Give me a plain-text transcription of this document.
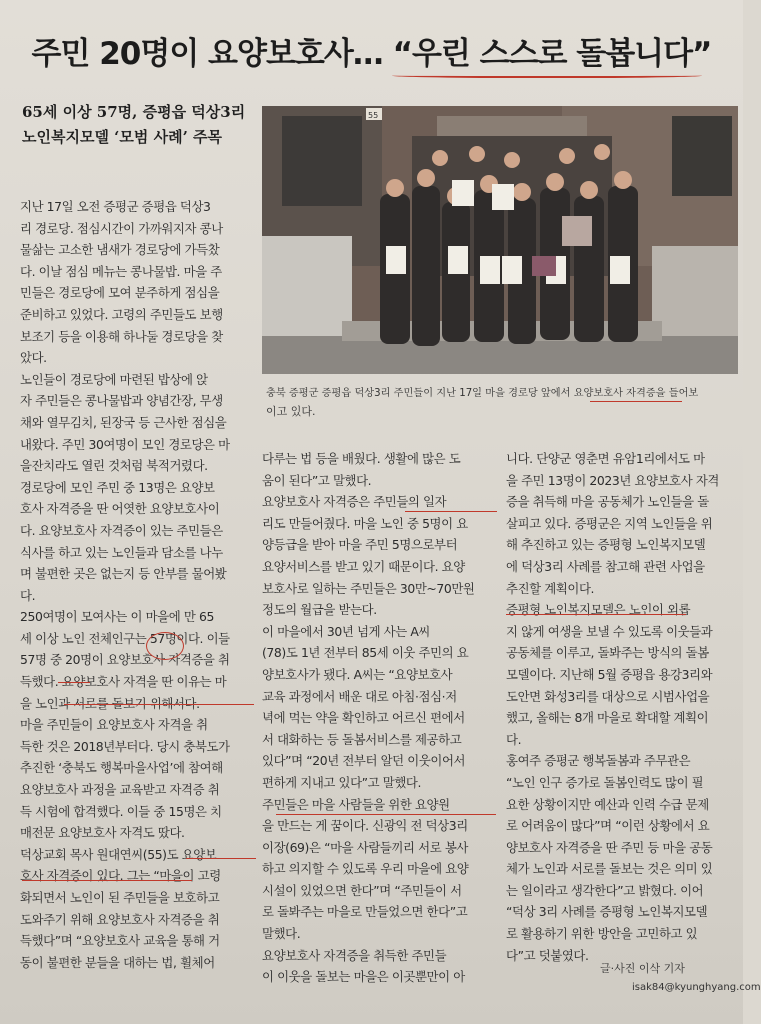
주민 20명이 요양보호사… “우린 스스로 돌봅니다”
65세 이상 57명, 증평읍 덕상3리
노인복지모델 ‘모범 사례’ 주목
55
충북 증평군 증평읍 덕상3리 주민들이 지난 17일 마을 경로당 앞에서 요양보호사 자격증을 들어보
이고 있다.
지난 17일 오전 증평군 증평읍 덕상3
리 경로당. 점심시간이 가까워지자 콩나
물삶는 고소한 냄새가 경로당에 가득찼
다. 이날 점심 메뉴는 콩나물밥. 마을 주
민들은 경로당에 모여 분주하게 점심을
준비하고 있었다. 고령의 주민들도 보행
보조기 등을 이용해 하나둘 경로당을 찾
았다.
노인들이 경로당에 마련된 밥상에 앉
자 주민들은 콩나물밥과 양념간장, 무생
채와 열무김치, 된장국 등 근사한 점심을
내왔다. 주민 30여명이 모인 경로당은 마
을잔치라도 열린 것처럼 북적거렸다.
경로당에 모인 주민 중 13명은 요양보
호사 자격증을 딴 어엿한 요양보호사이
다. 요양보호사 자격증이 있는 주민들은
식사를 하고 있는 노인들과 담소를 나누
며 불편한 곳은 없는지 등 안부를 물어봤
다.
250여명이 모여사는 이 마을에 만 65
세 이상 노인 전체인구는 57명이다. 이들
57명 중 20명이 요양보호사 자격증을 취
득했다. 요양보호사 자격을 딴 이유는 마
을 노인과 서로를 돌보기 위해서다.
마을 주민들이 요양보호사 자격을 취
득한 것은 2018년부터다. 당시 충북도가
추진한 ‘충북도 행복마을사업’에 참여해
요양보호사 과정을 교육받고 자격증 취
득 시험에 합격했다. 이들 중 15명은 치
매전문 요양보호사 자격도 땄다.
덕상교회 목사 원대연씨(55)도 요양보
호사 자격증이 있다. 그는 “마을이 고령
화되면서 노인이 된 주민들을 보호하고
도와주기 위해 요양보호사 자격증을 취
득했다”며 “요양보호사 교육을 통해 거
동이 불편한 분들을 대하는 법, 휠체어
다루는 법 등을 배웠다. 생활에 많은 도
움이 된다”고 말했다.
요양보호사 자격증은 주민들의 일자
리도 만들어줬다. 마을 노인 중 5명이 요
양등급을 받아 마을 주민 5명으로부터
요양서비스를 받고 있기 때문이다. 요양
보호사로 일하는 주민들은 30만~70만원
정도의 월급을 받는다.
이 마을에서 30년 넘게 사는 A씨
(78)도 1년 전부터 85세 이웃 주민의 요
양보호사가 됐다. A씨는 “요양보호사
교육 과정에서 배운 대로 아침·점심·저
녁에 먹는 약을 확인하고 어르신 편에서
서 대화하는 등 돌봄서비스를 제공하고
있다”며 “20년 전부터 알던 이웃이어서
편하게 지내고 있다”고 말했다.
주민들은 마을 사람들을 위한 요양원
을 만드는 게 꿈이다. 신광익 전 덕상3리
이장(69)은 “마을 사람들끼리 서로 봉사
하고 의지할 수 있도록 우리 마을에 요양
시설이 있었으면 한다”며 “주민들이 서
로 돌봐주는 마을로 만들었으면 한다”고
말했다.
요양보호사 자격증을 취득한 주민들
이 이웃을 돌보는 마을은 이곳뿐만이 아
니다. 단양군 영춘면 유암1리에서도 마
을 주민 13명이 2023년 요양보호사 자격
증을 취득해 마을 공동체가 노인들을 돌
살피고 있다. 증평군은 지역 노인들을 위
해 추진하고 있는 증평형 노인복지모델
에 덕상3리 사례를 참고해 관련 사업을
추진할 계획이다.
증평형 노인복지모델은 노인이 외롭
지 않게 여생을 보낼 수 있도록 이웃들과
공동체를 이루고, 돌봐주는 방식의 돌봄
모델이다. 지난해 5월 증평읍 용강3리와
도안면 화성3리를 대상으로 시범사업을
했고, 올해는 8개 마을로 확대할 계획이
다.
홍여주 증평군 행복돌봄과 주무관은
“노인 인구 증가로 돌봄인력도 많이 필
요한 상황이지만 예산과 인력 수급 문제
로 어려움이 많다”며 “이런 상황에서 요
양보호사 자격증을 딴 주민 등 마을 공동
체가 노인과 서로를 돌보는 것은 의미 있
는 일이라고 생각한다”고 밝혔다. 이어
“덕상 3리 사례를 증평형 노인복지모델
로 활용하기 위한 방안을 고민하고 있
다”고 덧붙였다.
글·사진 이삭 기자
isak84@kyunghyang.com
